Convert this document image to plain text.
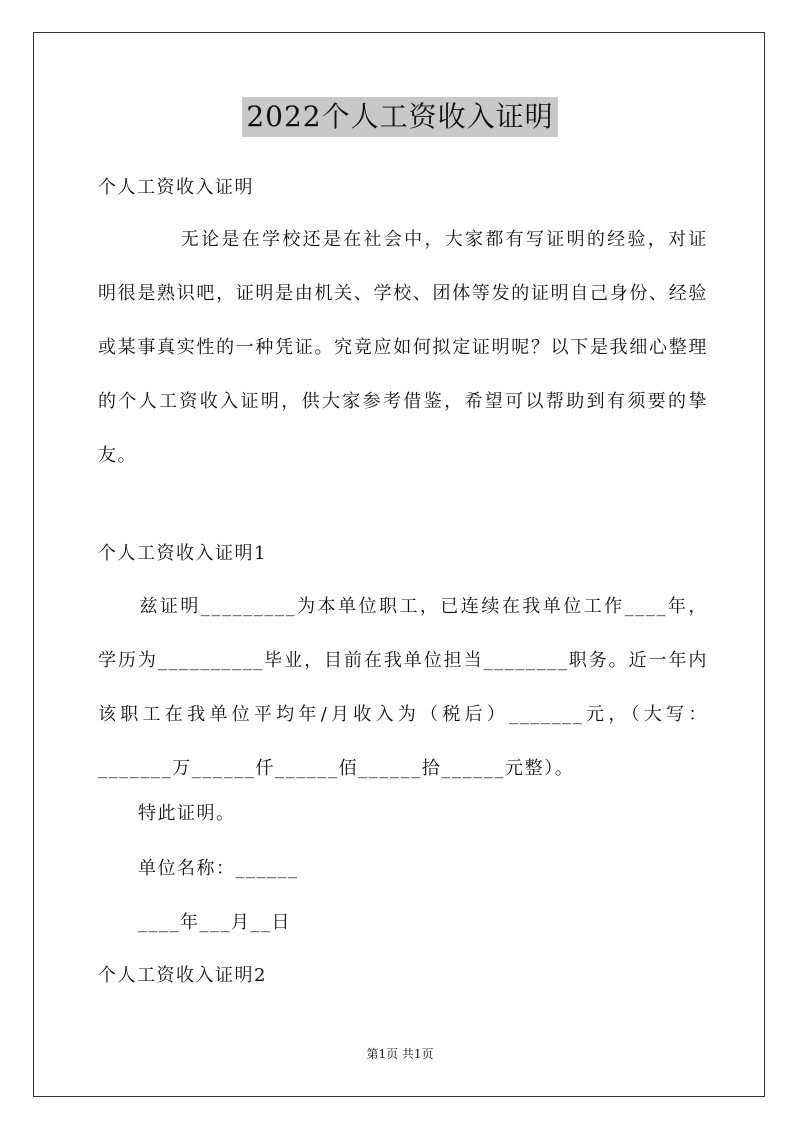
2022个人工资收入证明
个人工资收入证明
无论是在学校还是在社会中，大家都有写证明的经验，对证明很是熟识吧，证明是由机关、学校、团体等发的证明自己身份、经验或某事真实性的一种凭证。究竟应如何拟定证明呢？以下是我细心整理的个人工资收入证明，供大家参考借鉴，希望可以帮助到有须要的挚友。
个人工资收入证明1
兹证明_________为本单位职工，已连续在我单位工作____年，学历为__________毕业，目前在我单位担当________职务。近一年内该职工在我单位平均年/月收入为（税后）_______元，（大写：_______万______仟______佰______拾______元整）。
特此证明。
单位名称：______
____年___月__日
个人工资收入证明2
第1页 共1页
